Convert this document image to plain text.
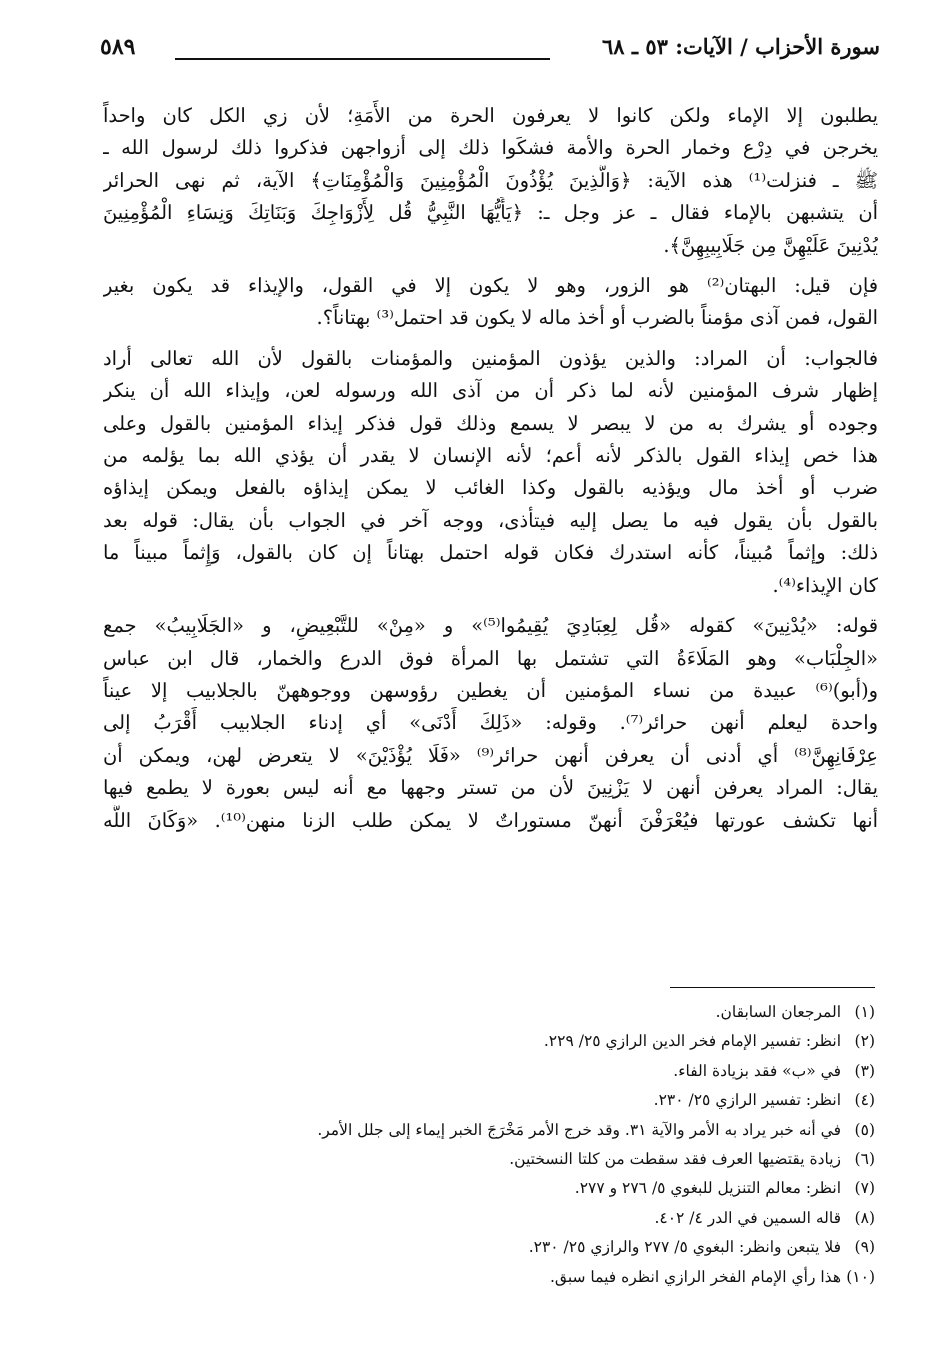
سورة الأحزاب / الآيات: ٥٣ ـ ٦٨
٥٨٩

يطلبون إلا الإماء ولكن كانوا لا يعرفون الحرة من الأَمَةِ؛ لأن زي الكل كان واحداً
يخرجن في دِرْع وخمار الحرة والأمة فشكَوا ذلك إلى أزواجهن فذكروا ذلك لرسول الله ـ
ﷺ ـ فنزلت⁽¹⁾ هذه الآية: ﴿وَالَّذِينَ يُؤْذُونَ الْمُؤْمِنِينَ وَالْمُؤْمِنَاتِ﴾ الآية، ثم نهى الحرائر
أن يتشبهن بالإماء فقال ـ عز وجل ـ: ﴿يَأَيُّهَا النَّبِيُّ قُل لِأَزْوَاجِكَ وَبَنَاتِكَ وَنِسَاءِ الْمُؤْمِنِينَ
يُدْنِينَ عَلَيْهِنَّ مِن جَلَابِيبِهِنَّ﴾.

فإن قيل: البهتان⁽²⁾ هو الزور، وهو لا يكون إلا في القول، والإيذاء قد يكون بغير
القول، فمن آذى مؤمناً بالضرب أو أخذ ماله لا يكون قد احتمل⁽³⁾ بهتاناً؟.

فالجواب: أن المراد: والذين يؤذون المؤمنين والمؤمنات بالقول لأن الله تعالى أراد
إظهار شرف المؤمنين لأنه لما ذكر أن من آذى الله ورسوله لعن، وإيذاء الله أن ينكر
وجوده أو يشرك به من لا يبصر لا يسمع وذلك قول فذكر إيذاء المؤمنين بالقول وعلى
هذا خص إيذاء القول بالذكر لأنه أعم؛ لأنه الإنسان لا يقدر أن يؤذي الله بما يؤلمه من
ضرب أو أخذ مال ويؤذيه بالقول وكذا الغائب لا يمكن إيذاؤه بالفعل ويمكن إيذاؤه
بالقول بأن يقول فيه ما يصل إليه فيتأذى، ووجه آخر في الجواب بأن يقال: قوله بعد
ذلك: وإثماً مُبيناً، كأنه استدرك فكان قوله احتمل بهتاناً إن كان بالقول، وَإِثماً مبيناً ما
كان الإيذاء⁽⁴⁾.

قوله: «يُدْنِينَ» كقوله «قُل لِعِبَادِيَ يُقِيمُوا⁽⁵⁾» و «مِنْ» للتَّبْعِيضِ، و «الجَلَابِيبُ» جمع
«الجِلْبَاب» وهو المَلَاءَةُ التي تشتمل بها المرأة فوق الدرع والخمار، قال ابن عباس
و(أبو)⁽⁶⁾ عبيدة من نساء المؤمنين أن يغطين رؤوسهن ووجوههنّ بالجلابيب إلا عيناً
واحدة ليعلم أنهن حرائر⁽⁷⁾. وقوله: «ذَلِكَ أَدْنَى» أي إدناء الجلابيب أَقْرَبُ إلى
عِرْفَانِهِنَّ⁽⁸⁾ أي أدنى أن يعرفن أنهن حرائر⁽⁹⁾ «فَلَا يُؤْذَيْنَ» لا يتعرض لهن، ويمكن أن
يقال: المراد يعرفن أنهن لا يَزْنِينَ لأن من تستر وجهها مع أنه ليس بعورة لا يطمع فيها
أنها تكشف عورتها فيُعْرَفْنَ أنهنّ مستوراتٌ لا يمكن طلب الزنا منهن⁽¹⁰⁾. «وَكَانَ اللَّه

(١)
المرجعان السابقان.
(٢)
انظر: تفسير الإمام فخر الدين الرازي ٢٥/ ٢٢٩.
(٣)
في «ب» فقد بزيادة الفاء.
(٤)
انظر: تفسير الرازي ٢٥/ ٢٣٠.
(٥)
في أنه خبر يراد به الأمر والآية ٣١. وقد خرج الأمر مَخْرَجَ الخبر إيماء إلى جلل الأمر.
(٦)
زيادة يقتضيها العرف فقد سقطت من كلتا النسختين.
(٧)
انظر: معالم التنزيل للبغوي ٥/ ٢٧٦ و ٢٧٧.
(٨)
قاله السمين في الدر ٤/ ٤٠٢.
(٩)
فلا يتبعن وانظر: البغوي ٥/ ٢٧٧ والرازي ٢٥/ ٢٣٠.
(١٠)
هذا رأي الإمام الفخر الرازي انظره فيما سبق.
